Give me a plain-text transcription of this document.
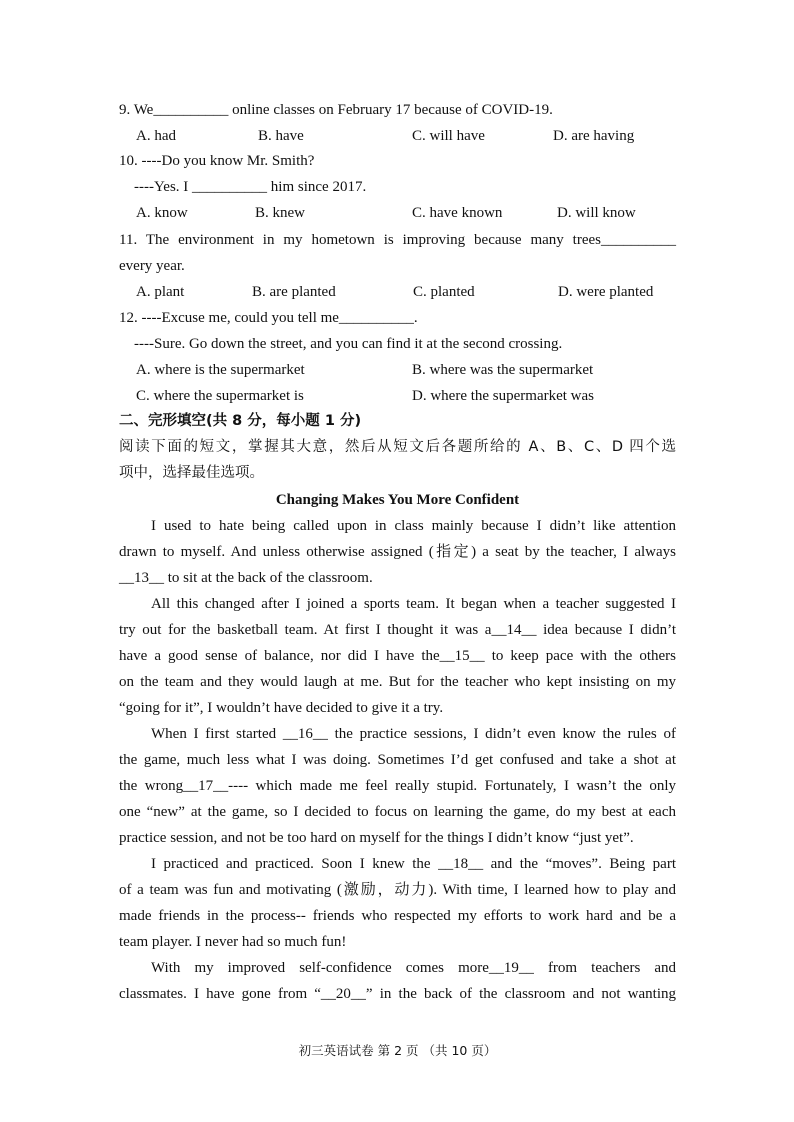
9. We__________ online classes on February 17 because of COVID-19.
A. had	B. have	C. will have	D. are having
10. ----Do you know Mr. Smith?
----Yes. I __________ him since 2017.
A. know	B. knew	C. have known	D. will know
11. The environment in my hometown is improving because many trees__________
every year.
A. plant	B. are planted	C. planted	D. were planted
12. ----Excuse me, could you tell me__________.
----Sure. Go down the street, and you can find it at the second crossing.
A. where is the supermarket	B. where was the supermarket
C. where the supermarket is	D. where the supermarket was
二、完形填空(共 8 分，每小题 1 分)
阅读下面的短文，掌握其大意，然后从短文后各题所给的 A、B、C、D 四个选
项中，选择最佳选项。
Changing Makes You More Confident
I used to hate being called upon in class mainly because I didn’t like attention
drawn to myself. And unless otherwise assigned (指定) a seat by the teacher, I always
__13__ to sit at the back of the classroom.
All this changed after I joined a sports team. It began when a teacher suggested I
try out for the basketball team. At first I thought it was a__14__ idea because I didn’t
have a good sense of balance, nor did I have the__15__ to keep pace with the others
on the team and they would laugh at me. But for the teacher who kept insisting on my
“going for it”, I wouldn’t have decided to give it a try.
When I first started __16__ the practice sessions, I didn’t even know the rules of
the game, much less what I was doing. Sometimes I’d get confused and take a shot at
the wrong__17__---- which made me feel really stupid. Fortunately, I wasn’t the only
one “new” at the game, so I decided to focus on learning the game, do my best at each
practice session, and not be too hard on myself for the things I didn’t know “just yet”.
I practiced and practiced. Soon I knew the __18__ and the “moves”. Being part
of a team was fun and motivating (激励，动力). With time, I learned how to play and
made friends in the process-- friends who respected my efforts to work hard and be a
team player. I never had so much fun!
With my improved self-confidence comes more__19__ from teachers and
classmates. I have gone from “__20__” in the back of the classroom and not wanting
初三英语试卷 第 2 页 （共 10 页）
